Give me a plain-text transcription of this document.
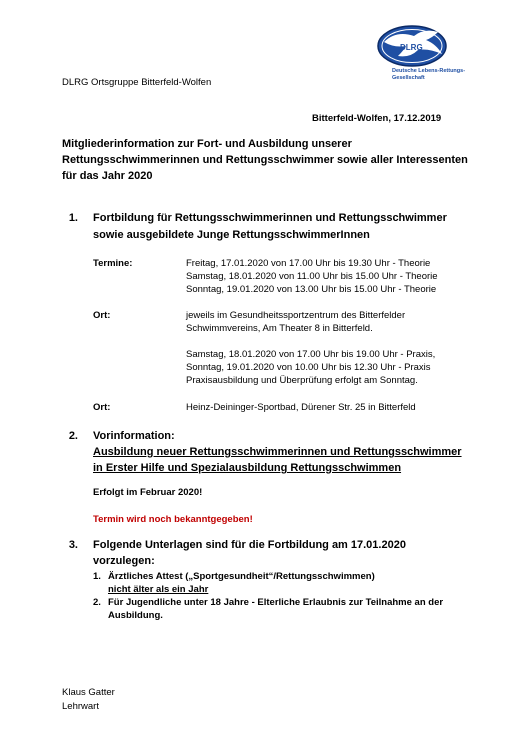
DLRG
Deutsche Lebens-Rettungs-
Gesellschaft
DLRG Ortsgruppe Bitterfeld-Wolfen
Bitterfeld-Wolfen, 17.12.2019
Mitgliederinformation zur Fort- und Ausbildung unserer
Rettungsschwimmerinnen und Rettungsschwimmer sowie aller Interessenten
für das Jahr 2020
1. Fortbildung für Rettungsschwimmerinnen und Rettungsschwimmer
sowie ausgebildete Junge RettungsschwimmerInnen
Termine:	Freitag, 17.01.2020 von 17.00 Uhr bis 19.30 Uhr - Theorie
Samstag, 18.01.2020 von 11.00 Uhr bis 15.00 Uhr - Theorie
Sonntag, 19.01.2020 von 13.00 Uhr bis 15.00 Uhr - Theorie
Ort:	jeweils im Gesundheitssportzentrum des Bitterfelder
Schwimmvereins, Am Theater 8 in Bitterfeld.
Samstag, 18.01.2020 von 17.00 Uhr bis 19.00 Uhr - Praxis,
Sonntag, 19.01.2020 von 10.00 Uhr bis 12.30 Uhr - Praxis
Praxisausbildung und Überprüfung erfolgt am Sonntag.
Ort:	Heinz-Deininger-Sportbad, Dürener Str. 25 in Bitterfeld
2. Vorinformation:
Ausbildung neuer Rettungsschwimmerinnen und Rettungsschwimmer
in Erster Hilfe und Spezialausbildung Rettungsschwimmen
Erfolgt im Februar 2020!
Termin wird noch bekanntgegeben!
3. Folgende Unterlagen sind für die Fortbildung am 17.01.2020
vorzulegen:
1. Ärztliches Attest („Sportgesundheit“/Rettungsschwimmen)
nicht älter als ein Jahr
2. Für Jugendliche unter 18 Jahre - Elterliche Erlaubnis zur Teilnahme an der
Ausbildung.
Klaus Gatter
Lehrwart
